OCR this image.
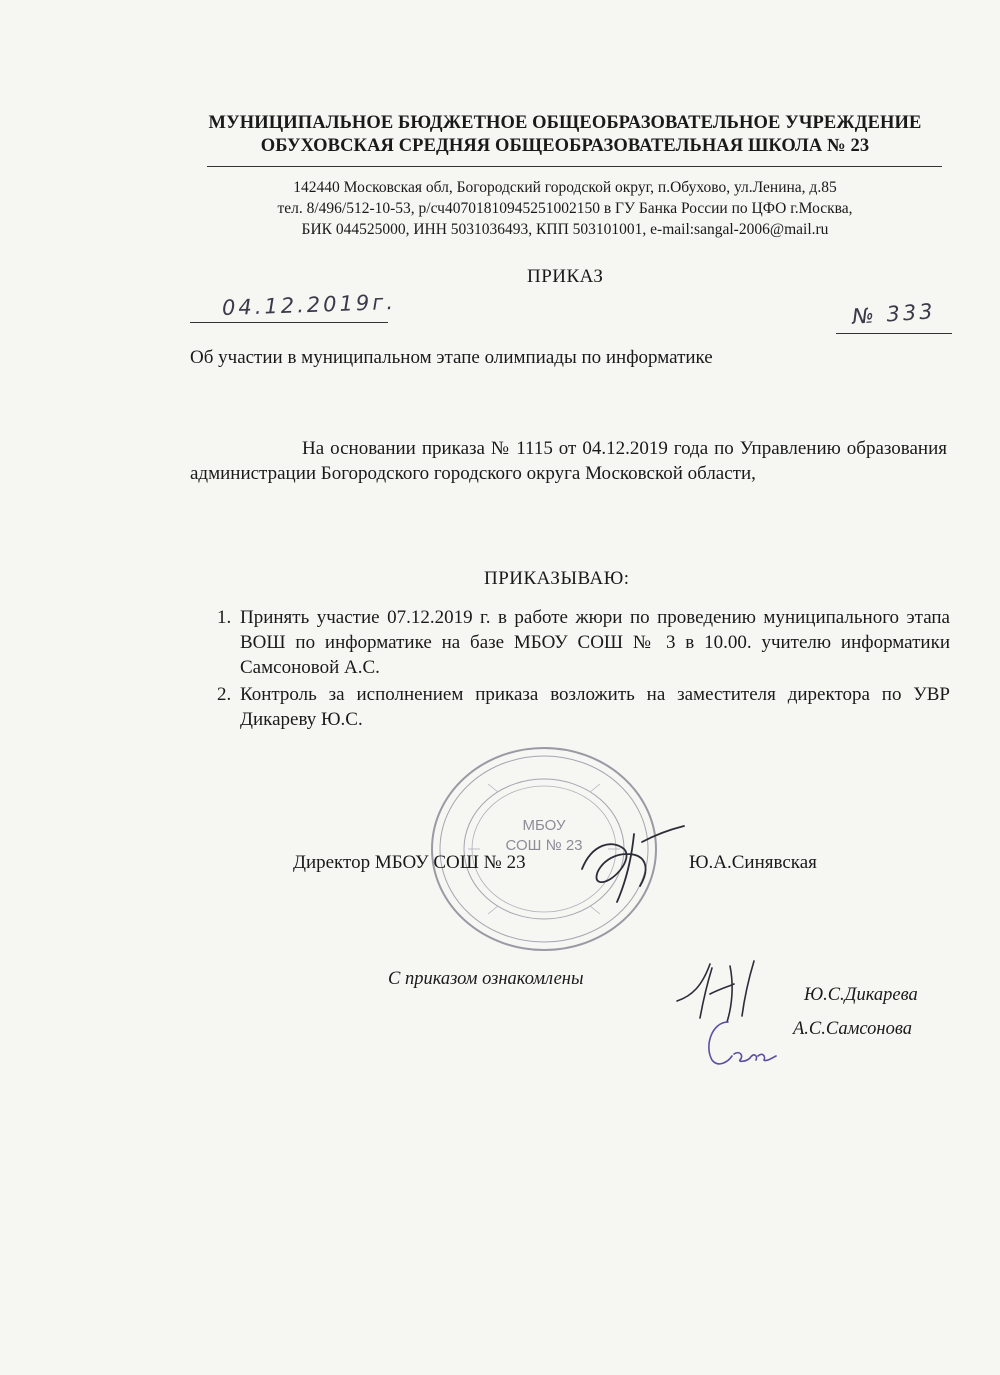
МУНИЦИПАЛЬНОЕ БЮДЖЕТНОЕ ОБЩЕОБРАЗОВАТЕЛЬНОЕ УЧРЕЖДЕНИЕ
ОБУХОВСКАЯ СРЕДНЯЯ ОБЩЕОБРАЗОВАТЕЛЬНАЯ ШКОЛА № 23
142440 Московская обл, Богородский городской округ, п.Обухово, ул.Ленина, д.85
тел. 8/496/512-10-53, р/сч40701810945251002150 в ГУ Банка России по ЦФО г.Москва,
БИК 044525000, ИНН 5031036493, КПП 503101001, e-mail:sangal-2006@mail.ru
ПРИКАЗ
04.12.2019г.	№ 333
Об участии в муниципальном этапе олимпиады по информатике
На основании приказа № 1115 от 04.12.2019 года по Управлению образования администрации Богородского городского округа Московской области,
ПРИКАЗЫВАЮ:
1. Принять участие 07.12.2019 г. в работе жюри по проведению муниципального этапа ВОШ по информатике на базе МБОУ СОШ № 3 в 10.00. учителю информатики Самсоновой А.С.
2. Контроль за исполнением приказа возложить на заместителя директора по УВР Дикареву Ю.С.
МБОУ
СОШ № 23
Директор МБОУ СОШ № 23	Ю.А.Синявская
С приказом ознакомлены
Ю.С.Дикарева
А.С.Самсонова
